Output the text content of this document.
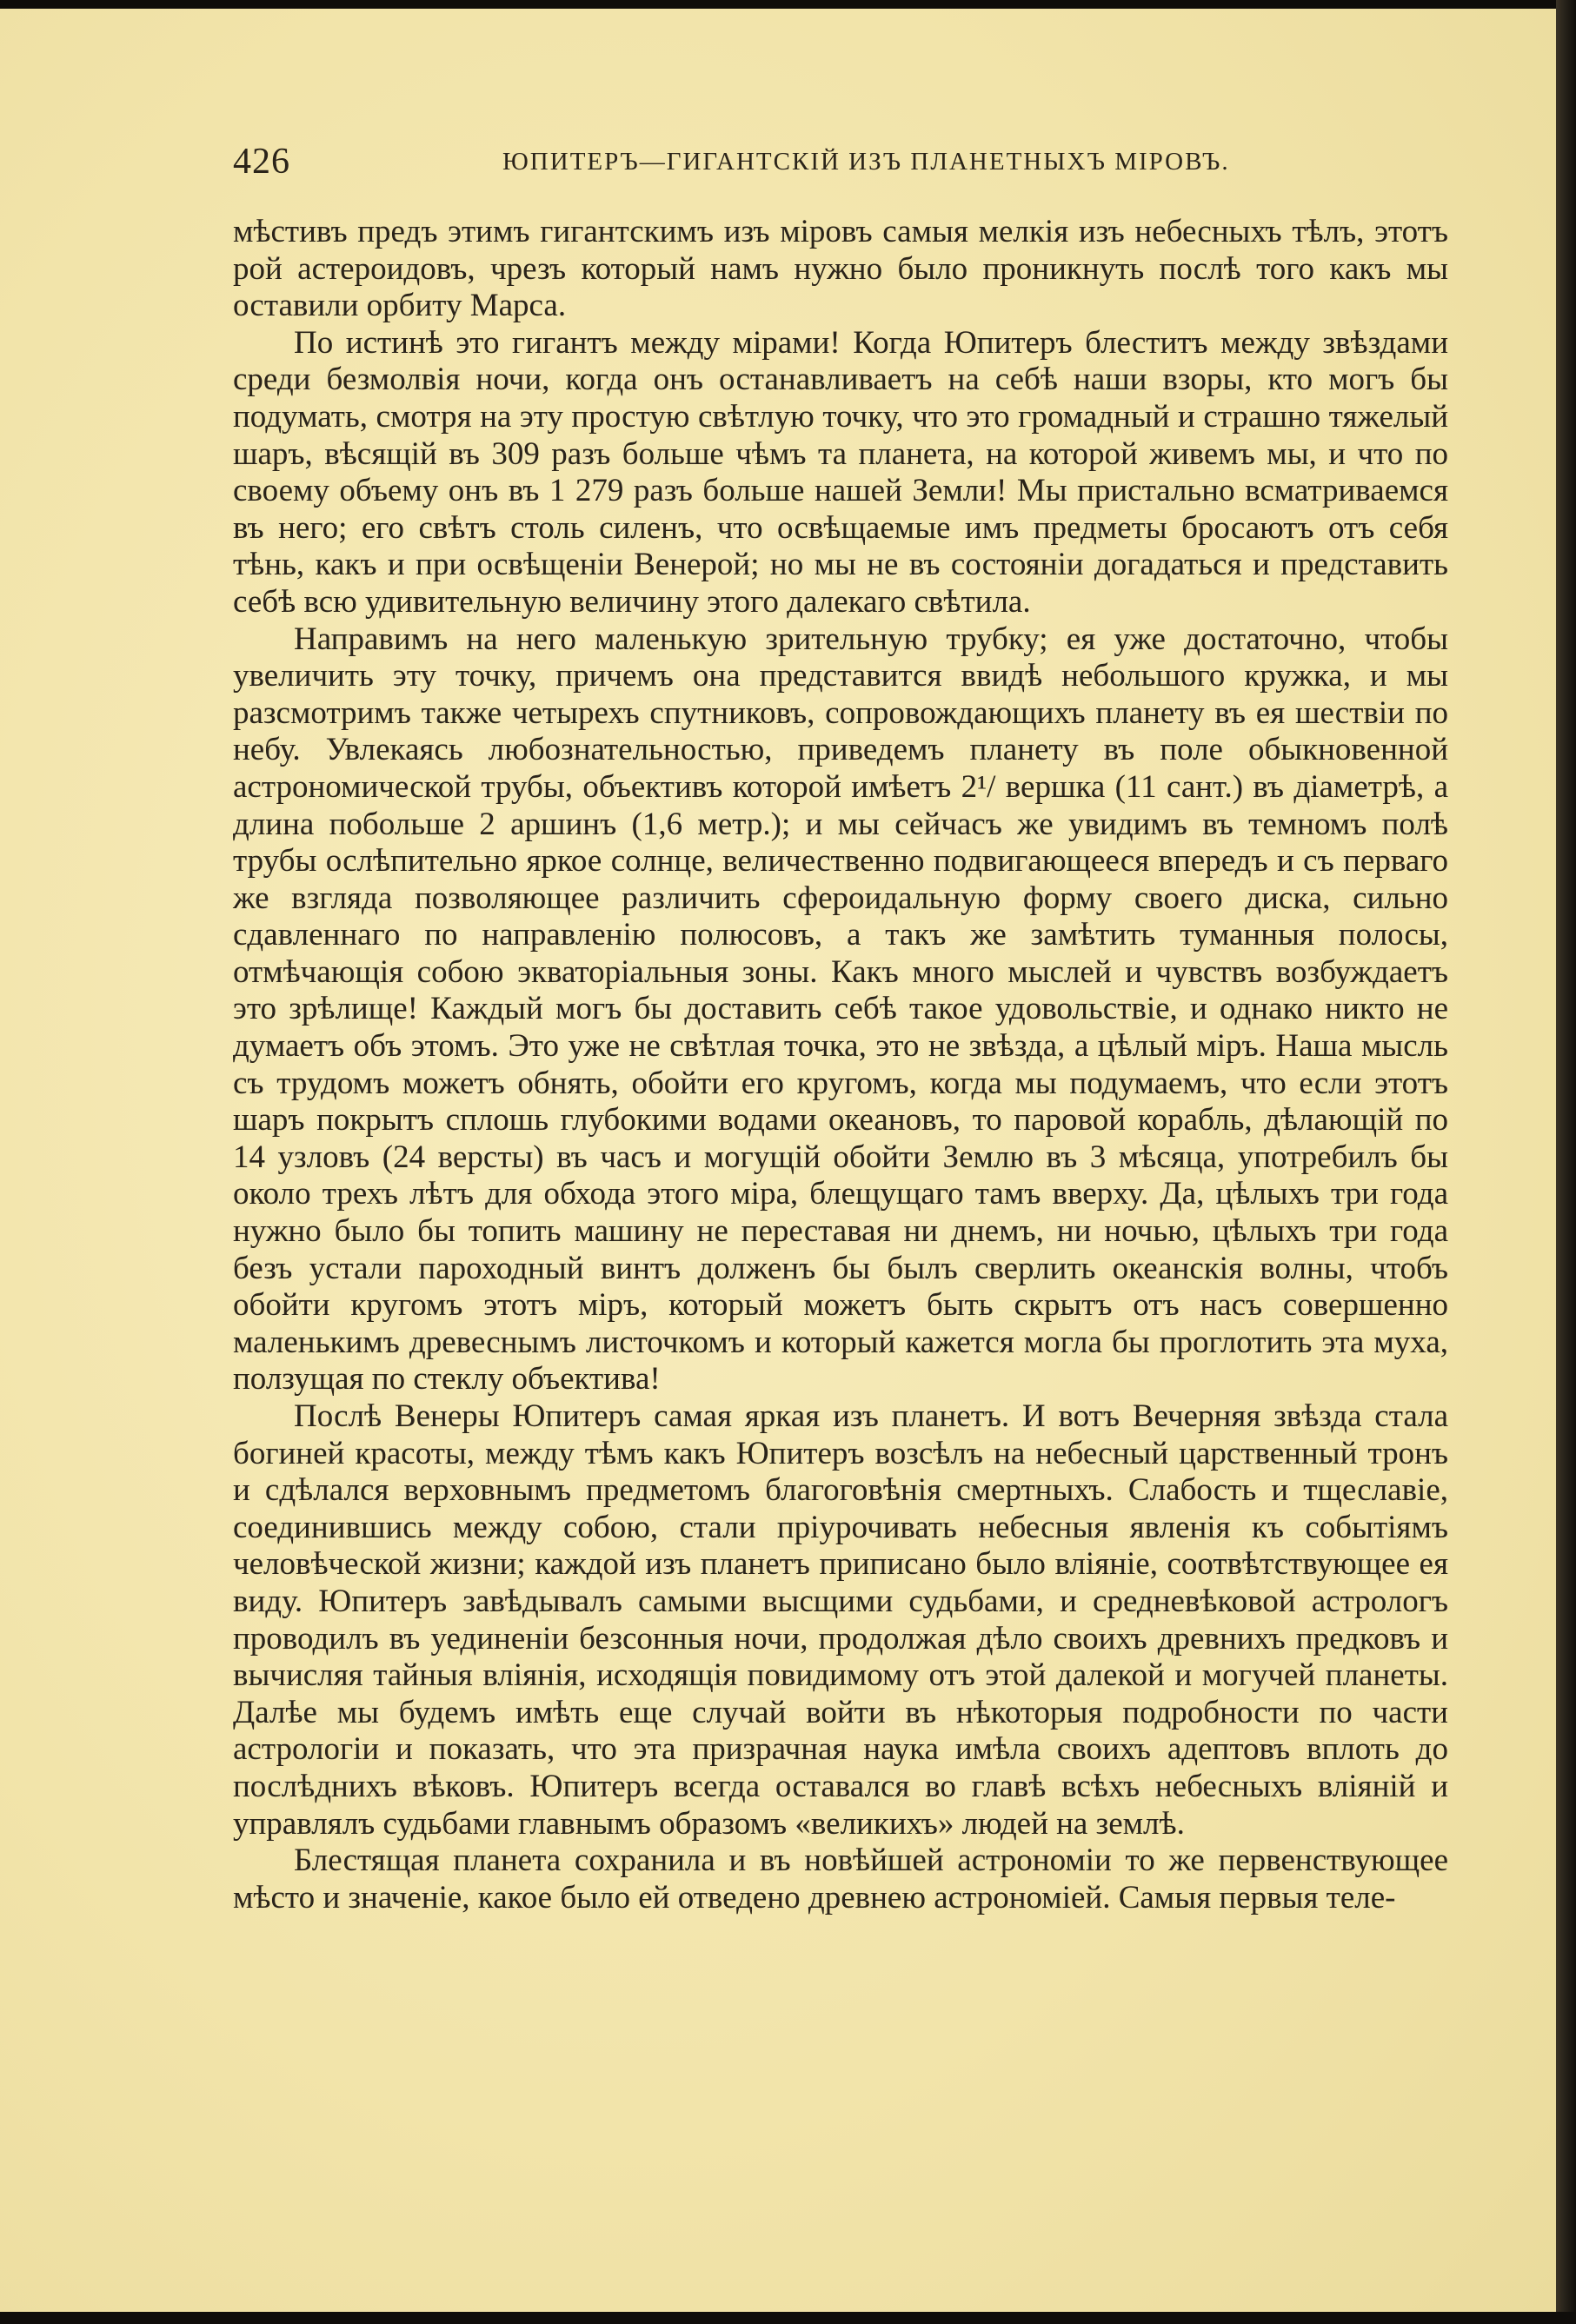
426	ЮПИТЕРЪ—ГИГАНТСКІЙ ИЗЪ ПЛАНЕТНЫХЪ МІРОВЪ.

мѣстивъ предъ этимъ гигантскимъ изъ міровъ самыя мелкія изъ небесныхъ тѣлъ, этотъ рой астероидовъ, чрезъ который намъ нужно было проникнуть послѣ того какъ мы оставили орбиту Марса.

По истинѣ это гигантъ между мірами! Когда Юпитеръ блеститъ между звѣздами среди безмолвія ночи, когда онъ останавливаетъ на себѣ наши взоры, кто могъ бы подумать, смотря на эту простую свѣтлую точку, что это громадный и страшно тяжелый шаръ, вѣсящій въ 309 разъ больше чѣмъ та планета, на которой живемъ мы, и что по своему объему онъ въ 1 279 разъ больше нашей Земли! Мы пристально всматриваемся въ него; его свѣтъ столь силенъ, что освѣщаемые имъ предметы бросаютъ отъ себя тѣнь, какъ и при освѣщеніи Венерой; но мы не въ состояніи догадаться и представить себѣ всю удивительную величину этого далекаго свѣтила.

Направимъ на него маленькую зрительную трубку; ея уже достаточно, чтобы увеличить эту точку, причемъ она представится ввидѣ небольшого кружка, и мы разсмотримъ также четырехъ спутниковъ, сопровождающихъ планету въ ея шествіи по небу. Увлекаясь любознательностью, приведемъ планету въ поле обыкновенной астрономической трубы, объективъ которой имѣетъ 2¹/ вершка (11 сант.) въ діаметрѣ, а длина побольше 2 аршинъ (1,6 метр.); и мы сейчасъ же увидимъ въ темномъ полѣ трубы ослѣпительно яркое солнце, величественно подвигающееся впередъ и съ перваго же взгляда позволяющее различить сфероидальную форму своего диска, сильно сдавленнаго по направленію полюсовъ, а такъ же замѣтить туманныя полосы, отмѣчающія собою экваторіальныя зоны. Какъ много мыслей и чувствъ возбуждаетъ это зрѣлище! Каждый могъ бы доставить себѣ такое удовольствіе, и однако никто не думаетъ объ этомъ. Это уже не свѣтлая точка, это не звѣзда, а цѣлый міръ. Наша мысль съ трудомъ можетъ обнять, обойти его кругомъ, когда мы подумаемъ, что если этотъ шаръ покрытъ сплошь глубокими водами океановъ, то паровой корабль, дѣлающій по 14 узловъ (24 версты) въ часъ и могущій обойти Землю въ 3 мѣсяца, употребилъ бы около трехъ лѣтъ для обхода этого міра, блещущаго тамъ вверху. Да, цѣлыхъ три года нужно было бы топить машину не переставая ни днемъ, ни ночью, цѣлыхъ три года безъ устали пароходный винтъ долженъ бы былъ сверлить океанскія волны, чтобъ обойти кругомъ этотъ міръ, который можетъ быть скрытъ отъ насъ совершенно маленькимъ древеснымъ листочкомъ и который кажется могла бы проглотить эта муха, ползущая по стеклу объектива!

Послѣ Венеры Юпитеръ самая яркая изъ планетъ. И вотъ Вечерняя звѣзда стала богиней красоты, между тѣмъ какъ Юпитеръ возсѣлъ на небесный царственный тронъ и сдѣлался верховнымъ предметомъ благоговѣнія смертныхъ. Слабость и тщеславіе, соединившись между собою, стали пріурочивать небесныя явленія къ событіямъ человѣческой жизни; каждой изъ планетъ приписано было вліяніе, соотвѣтствующее ея виду. Юпитеръ завѣдывалъ самыми высщими судьбами, и средневѣковой астрологъ проводилъ въ уединеніи безсонныя ночи, продолжая дѣло своихъ древнихъ предковъ и вычисляя тайныя вліянія, исходящія повидимому отъ этой далекой и могучей планеты. Далѣе мы будемъ имѣть еще случай войти въ нѣкоторыя подробности по части астрологіи и показать, что эта призрачная наука имѣла своихъ адептовъ вплоть до послѣднихъ вѣковъ. Юпитеръ всегда оставался во главѣ всѣхъ небесныхъ вліяній и управлялъ судьбами главнымъ образомъ «великихъ» людей на землѣ.

Блестящая планета сохранила и въ новѣйшей астрономіи то же первенствующее мѣсто и значеніе, какое было ей отведено древнею астрономіей. Самыя первыя теле-
